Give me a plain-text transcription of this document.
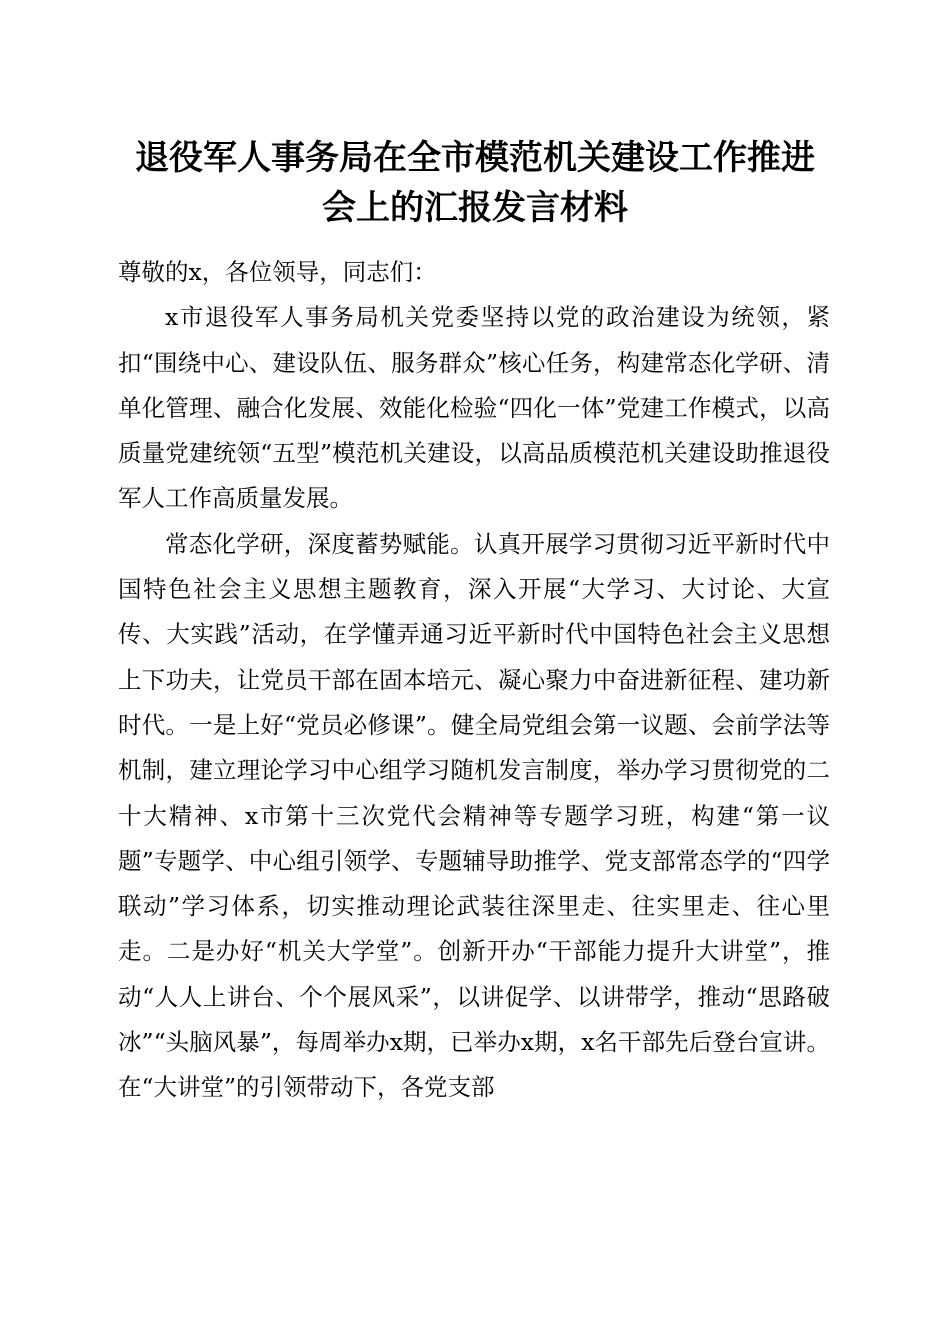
退役军人事务局在全市模范机关建设工作推进
会上的汇报发言材料

尊敬的x，各位领导，同志们：

x市退役军人事务局机关党委坚持以党的政治建设为统领，紧扣“围绕中心、建设队伍、服务群众”核心任务，构建常态化学研、清单化管理、融合化发展、效能化检验“四化一体”党建工作模式，以高质量党建统领“五型”模范机关建设，以高品质模范机关建设助推退役军人工作高质量发展。

常态化学研，深度蓄势赋能。认真开展学习贯彻习近平新时代中国特色社会主义思想主题教育，深入开展“大学习、大讨论、大宣传、大实践”活动，在学懂弄通习近平新时代中国特色社会主义思想上下功夫，让党员干部在固本培元、凝心聚力中奋进新征程、建功新时代。一是上好“党员必修课”。健全局党组会第一议题、会前学法等机制，建立理论学习中心组学习随机发言制度，举办学习贯彻党的二十大精神、x市第十三次党代会精神等专题学习班，构建“第一议题”专题学、中心组引领学、专题辅导助推学、党支部常态学的“四学联动”学习体系，切实推动理论武装往深里走、往实里走、往心里走。二是办好“机关大学堂”。创新开办“干部能力提升大讲堂”，推动“人人上讲台、个个展风采”，以讲促学、以讲带学，推动“思路破冰”“头脑风暴”，每周举办x期，已举办x期，x名干部先后登台宣讲。在“大讲堂”的引领带动下，各党支部
